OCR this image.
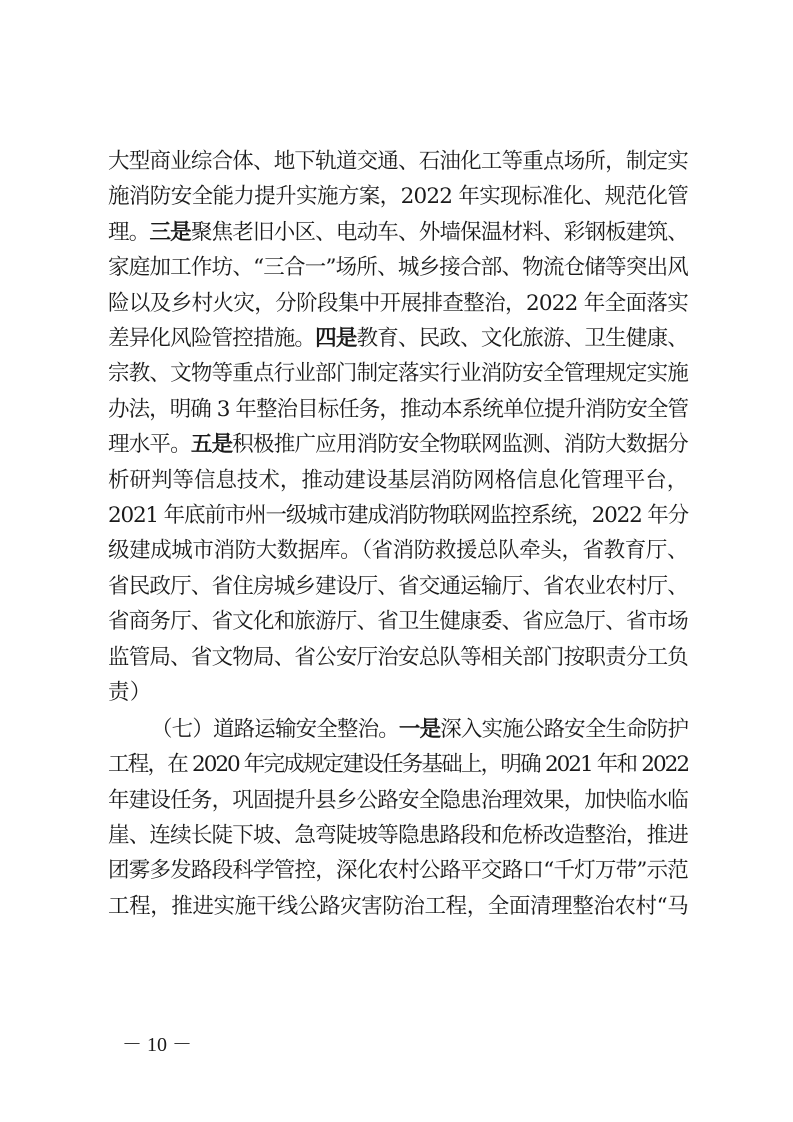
大型商业综合体、地下轨道交通、石油化工等重点场所，制定实
施消防安全能力提升实施方案，2022 年实现标准化、规范化管
理。三是聚焦老旧小区、电动车、外墙保温材料、彩钢板建筑、
家庭加工作坊、“三合一”场所、城乡接合部、物流仓储等突出风
险以及乡村火灾，分阶段集中开展排查整治，2022 年全面落实
差异化风险管控措施。四是教育、民政、文化旅游、卫生健康、
宗教、文物等重点行业部门制定落实行业消防安全管理规定实施
办法，明确 3 年整治目标任务，推动本系统单位提升消防安全管
理水平。五是积极推广应用消防安全物联网监测、消防大数据分
析研判等信息技术，推动建设基层消防网格信息化管理平台，
2021 年底前市州一级城市建成消防物联网监控系统，2022 年分
级建成城市消防大数据库。（省消防救援总队牵头，省教育厅、
省民政厅、省住房城乡建设厅、省交通运输厅、省农业农村厅、
省商务厅、省文化和旅游厅、省卫生健康委、省应急厅、省市场
监管局、省文物局、省公安厅治安总队等相关部门按职责分工负
责）
（七）道路运输安全整治。一是深入实施公路安全生命防护
工程，在 2020 年完成规定建设任务基础上，明确 2021 年和 2022
年建设任务，巩固提升县乡公路安全隐患治理效果，加快临水临
崖、连续长陡下坡、急弯陡坡等隐患路段和危桥改造整治，推进
团雾多发路段科学管控，深化农村公路平交路口“千灯万带”示范
工程，推进实施干线公路灾害防治工程，全面清理整治农村“马
－ 10 －
